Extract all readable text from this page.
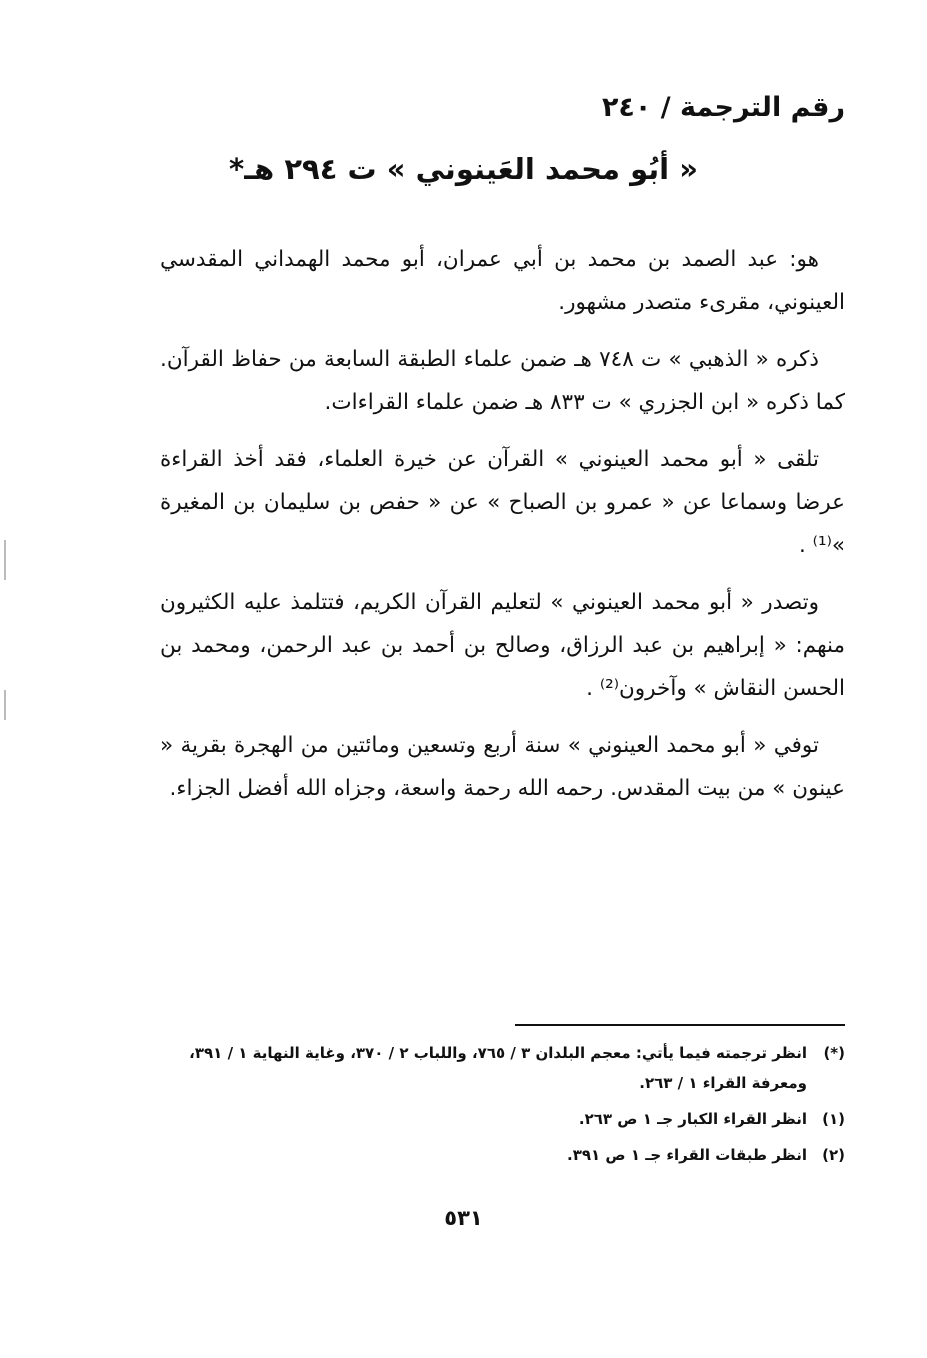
رقم الترجمة / ٢٤٠
« أبُو محمد العَينوني » ت ٢٩٤ هـ*

هو: عبد الصمد بن محمد بن أبي عمران، أبو محمد الهمداني المقدسي العينوني، مقرىء متصدر مشهور.

ذكره « الذهبي » ت ٧٤٨ هـ ضمن علماء الطبقة السابعة من حفاظ القرآن. كما ذكره « ابن الجزري » ت ٨٣٣ هـ ضمن علماء القراءات.

تلقى « أبو محمد العينوني » القرآن عن خيرة العلماء، فقد أخذ القراءة عرضا وسماعا عن « عمرو بن الصباح » عن « حفص بن سليمان بن المغيرة »⁽¹⁾ .

وتصدر « أبو محمد العينوني » لتعليم القرآن الكريم، فتتلمذ عليه الكثيرون منهم: « إبراهيم بن عبد الرزاق، وصالح بن أحمد بن عبد الرحمن، ومحمد بن الحسن النقاش » وآخرون⁽²⁾ .

توفي « أبو محمد العينوني » سنة أربع وتسعين ومائتين من الهجرة بقرية « عينون » من بيت المقدس. رحمه الله رحمة واسعة، وجزاه الله أفضل الجزاء.

(*)
انظر ترجمته فيما يأتي: معجم البلدان ٣ / ٧٦٥، واللباب ٢ / ٣٧٠، وغاية النهاية ١ / ٣٩١، ومعرفة القراء ١ / ٢٦٣.
(١)
انظر القراء الكبار جـ ١ ص ٢٦٣.
(٢)
انظر طبقات القراء جـ ١ ص ٣٩١.
٥٣١
